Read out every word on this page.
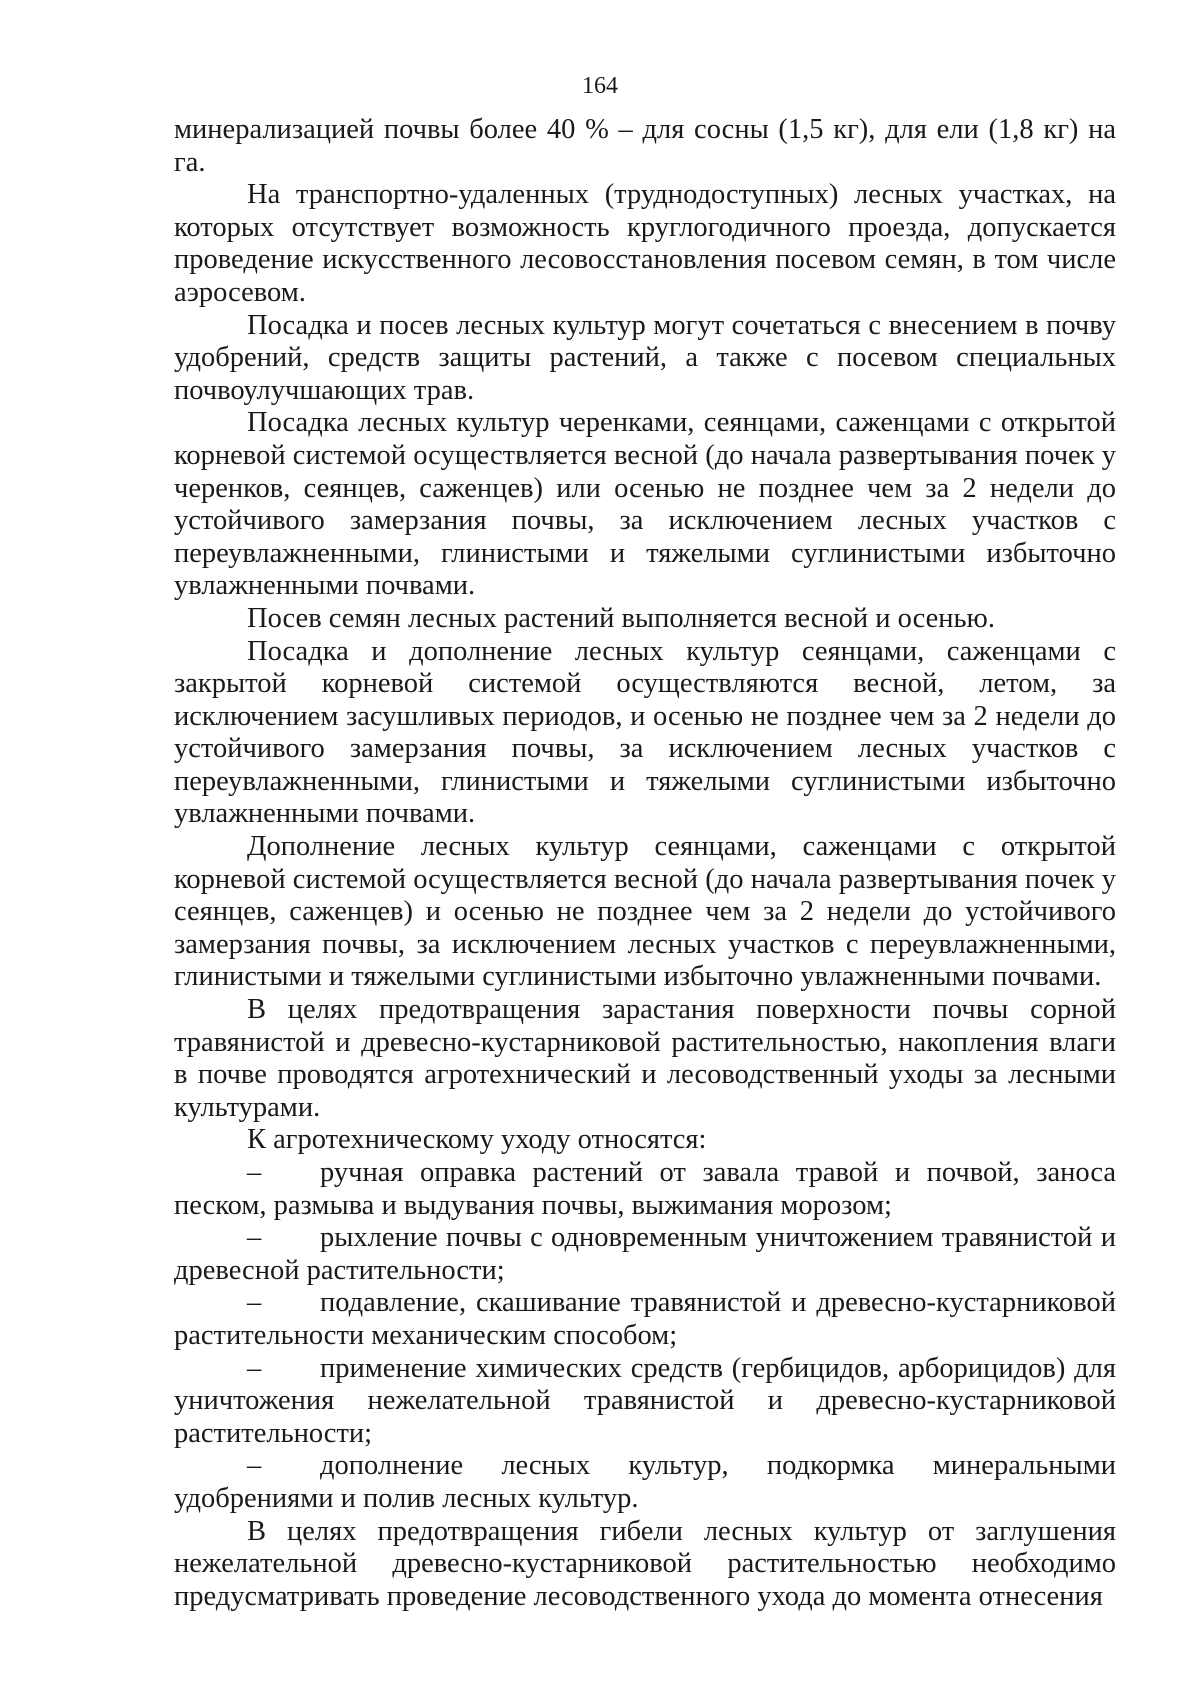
164

минерализацией почвы более 40 % – для сосны (1,5 кг), для ели (1,8 кг) на га.

На транспортно-удаленных (труднодоступных) лесных участках, на которых отсутствует возможность круглогодичного проезда, допускается проведение искусственного лесовосстановления посевом семян, в том числе аэросевом.

Посадка и посев лесных культур могут сочетаться с внесением в почву удобрений, средств защиты растений, а также с посевом специальных почвоулучшающих трав.

Посадка лесных культур черенками, сеянцами, саженцами с открытой корневой системой осуществляется весной (до начала развертывания почек у черенков, сеянцев, саженцев) или осенью не позднее чем за 2 недели до устойчивого замерзания почвы, за исключением лесных участков с переувлажненными, глинистыми и тяжелыми суглинистыми избыточно увлажненными почвами.

Посев семян лесных растений выполняется весной и осенью.

Посадка и дополнение лесных культур сеянцами, саженцами с закрытой корневой системой осуществляются весной, летом, за исключением засушливых периодов, и осенью не позднее чем за 2 недели до устойчивого замерзания почвы, за исключением лесных участков с переувлажненными, глинистыми и тяжелыми суглинистыми избыточно увлажненными почвами.

Дополнение лесных культур сеянцами, саженцами с открытой корневой системой осуществляется весной (до начала развертывания почек у сеянцев, саженцев) и осенью не позднее чем за 2 недели до устойчивого замерзания почвы, за исключением лесных участков с переувлажненными, глинистыми и тяжелыми суглинистыми избыточно увлажненными почвами.

В целях предотвращения зарастания поверхности почвы сорной травянистой и древесно-кустарниковой растительностью, накопления влаги в почве проводятся агротехнический и лесоводственный уходы за лесными культурами.

К агротехническому уходу относятся:

– ручная оправка растений от завала травой и почвой, заноса песком, размыва и выдувания почвы, выжимания морозом;

– рыхление почвы с одновременным уничтожением травянистой и древесной растительности;

– подавление, скашивание травянистой и древесно-кустарниковой растительности механическим способом;

– применение химических средств (гербицидов, арборицидов) для уничтожения нежелательной травянистой и древесно-кустарниковой растительности;

– дополнение лесных культур, подкормка минеральными удобрениями и полив лесных культур.

В целях предотвращения гибели лесных культур от заглушения нежелательной древесно-кустарниковой растительностью необходимо предусматривать проведение лесоводственного ухода до момента отнесения
